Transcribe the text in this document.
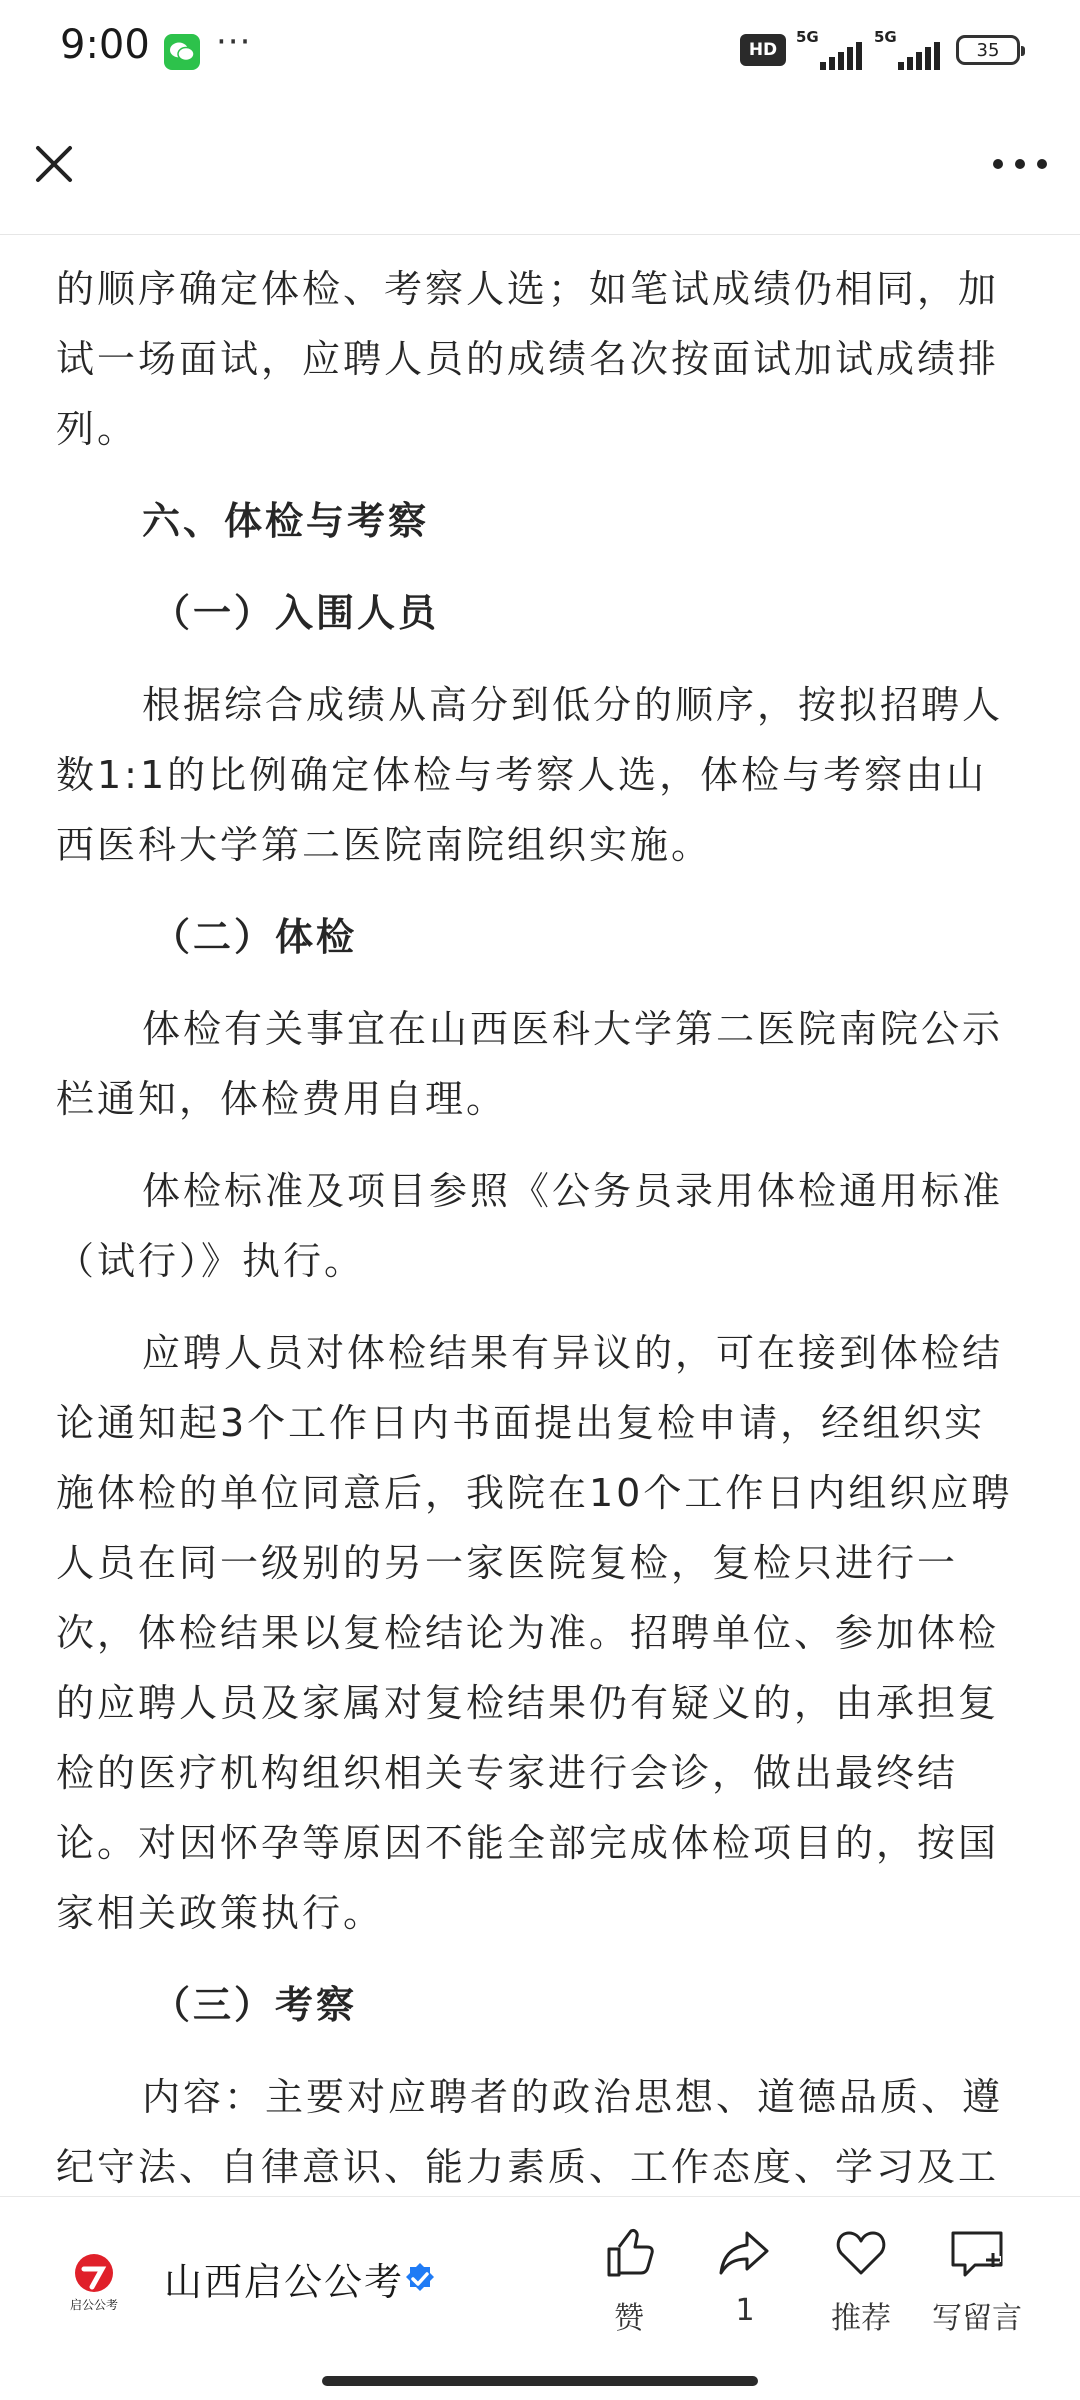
9:00 ···	HD
5G	5G
35

的顺序确定体检、考察人选；如笔试成绩仍相同，加试一场面试，应聘人员的成绩名次按面试加试成绩排列。

六、体检与考察

（一）入围人员

根据综合成绩从高分到低分的顺序，按拟招聘人数1:1的比例确定体检与考察人选，体检与考察由山西医科大学第二医院南院组织实施。

（二）体检

体检有关事宜在山西医科大学第二医院南院公示栏通知，体检费用自理。

体检标准及项目参照《公务员录用体检通用标准（试行）》执行。

应聘人员对体检结果有异议的，可在接到体检结论通知起3个工作日内书面提出复检申请，经组织实施体检的单位同意后，我院在10个工作日内组织应聘人员在同一级别的另一家医院复检，复检只进行一次，体检结果以复检结论为准。招聘单位、参加体检的应聘人员及家属对复检结果仍有疑义的，由承担复检的医疗机构组织相关专家进行会诊，做出最终结论。对因怀孕等原因不能全部完成体检项目的，按国家相关政策执行。

（三）考察

内容：主要对应聘者的政治思想、道德品质、遵纪守法、自律意识、能力素质、工作态度、学习及工

启公公考
山西启公公考
赞	1	推荐	写留言
